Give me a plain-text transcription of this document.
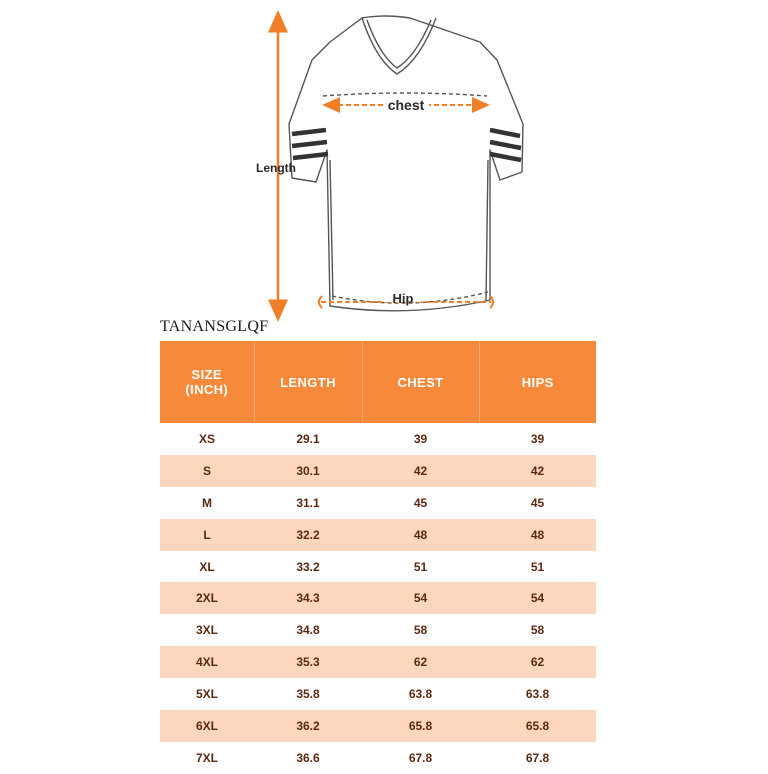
chest
Length
Hip
TANANSGLQF
SIZE
(INCH)	LENGTH	CHEST	HIPS
XS	29.1	39	39
S	30.1	42	42
M	31.1	45	45
L	32.2	48	48
XL	33.2	51	51
2XL	34.3	54	54
3XL	34.8	58	58
4XL	35.3	62	62
5XL	35.8	63.8	63.8
6XL	36.2	65.8	65.8
7XL	36.6	67.8	67.8
